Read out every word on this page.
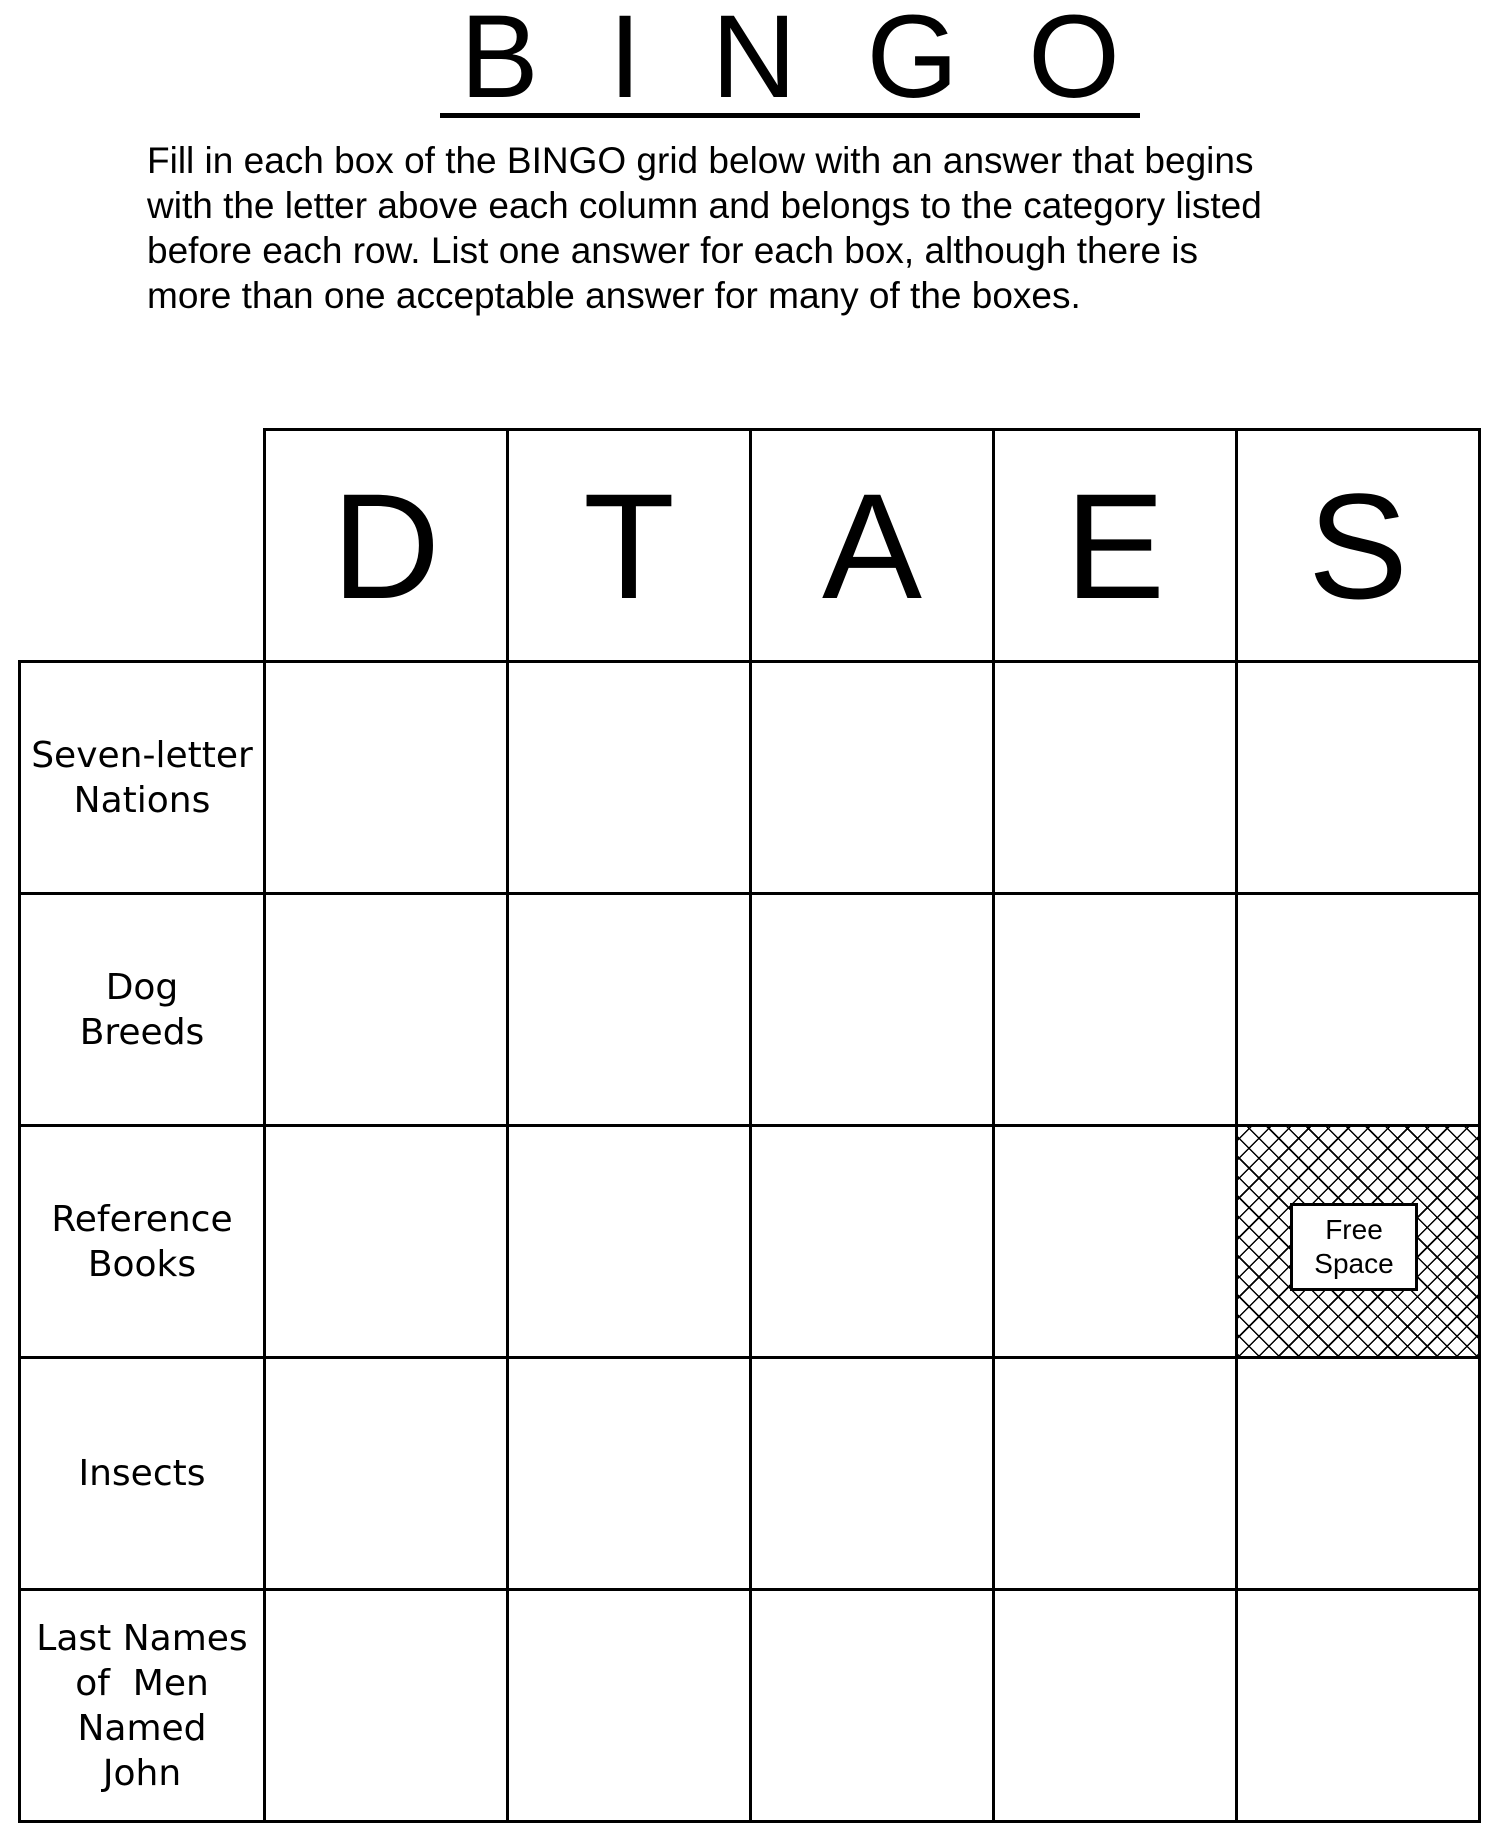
B I N G O
Fill in each box of the BINGO grid below with an answer that begins
with the letter above each column and belongs to the category listed
before each row. List one answer for each box, although there is
more than one acceptable answer for many of the boxes.
D T A E S
Seven-letter
Nations
Dog
Breeds
Reference
Books
Free
Space
Insects
Last Names
of  Men
Named
John
